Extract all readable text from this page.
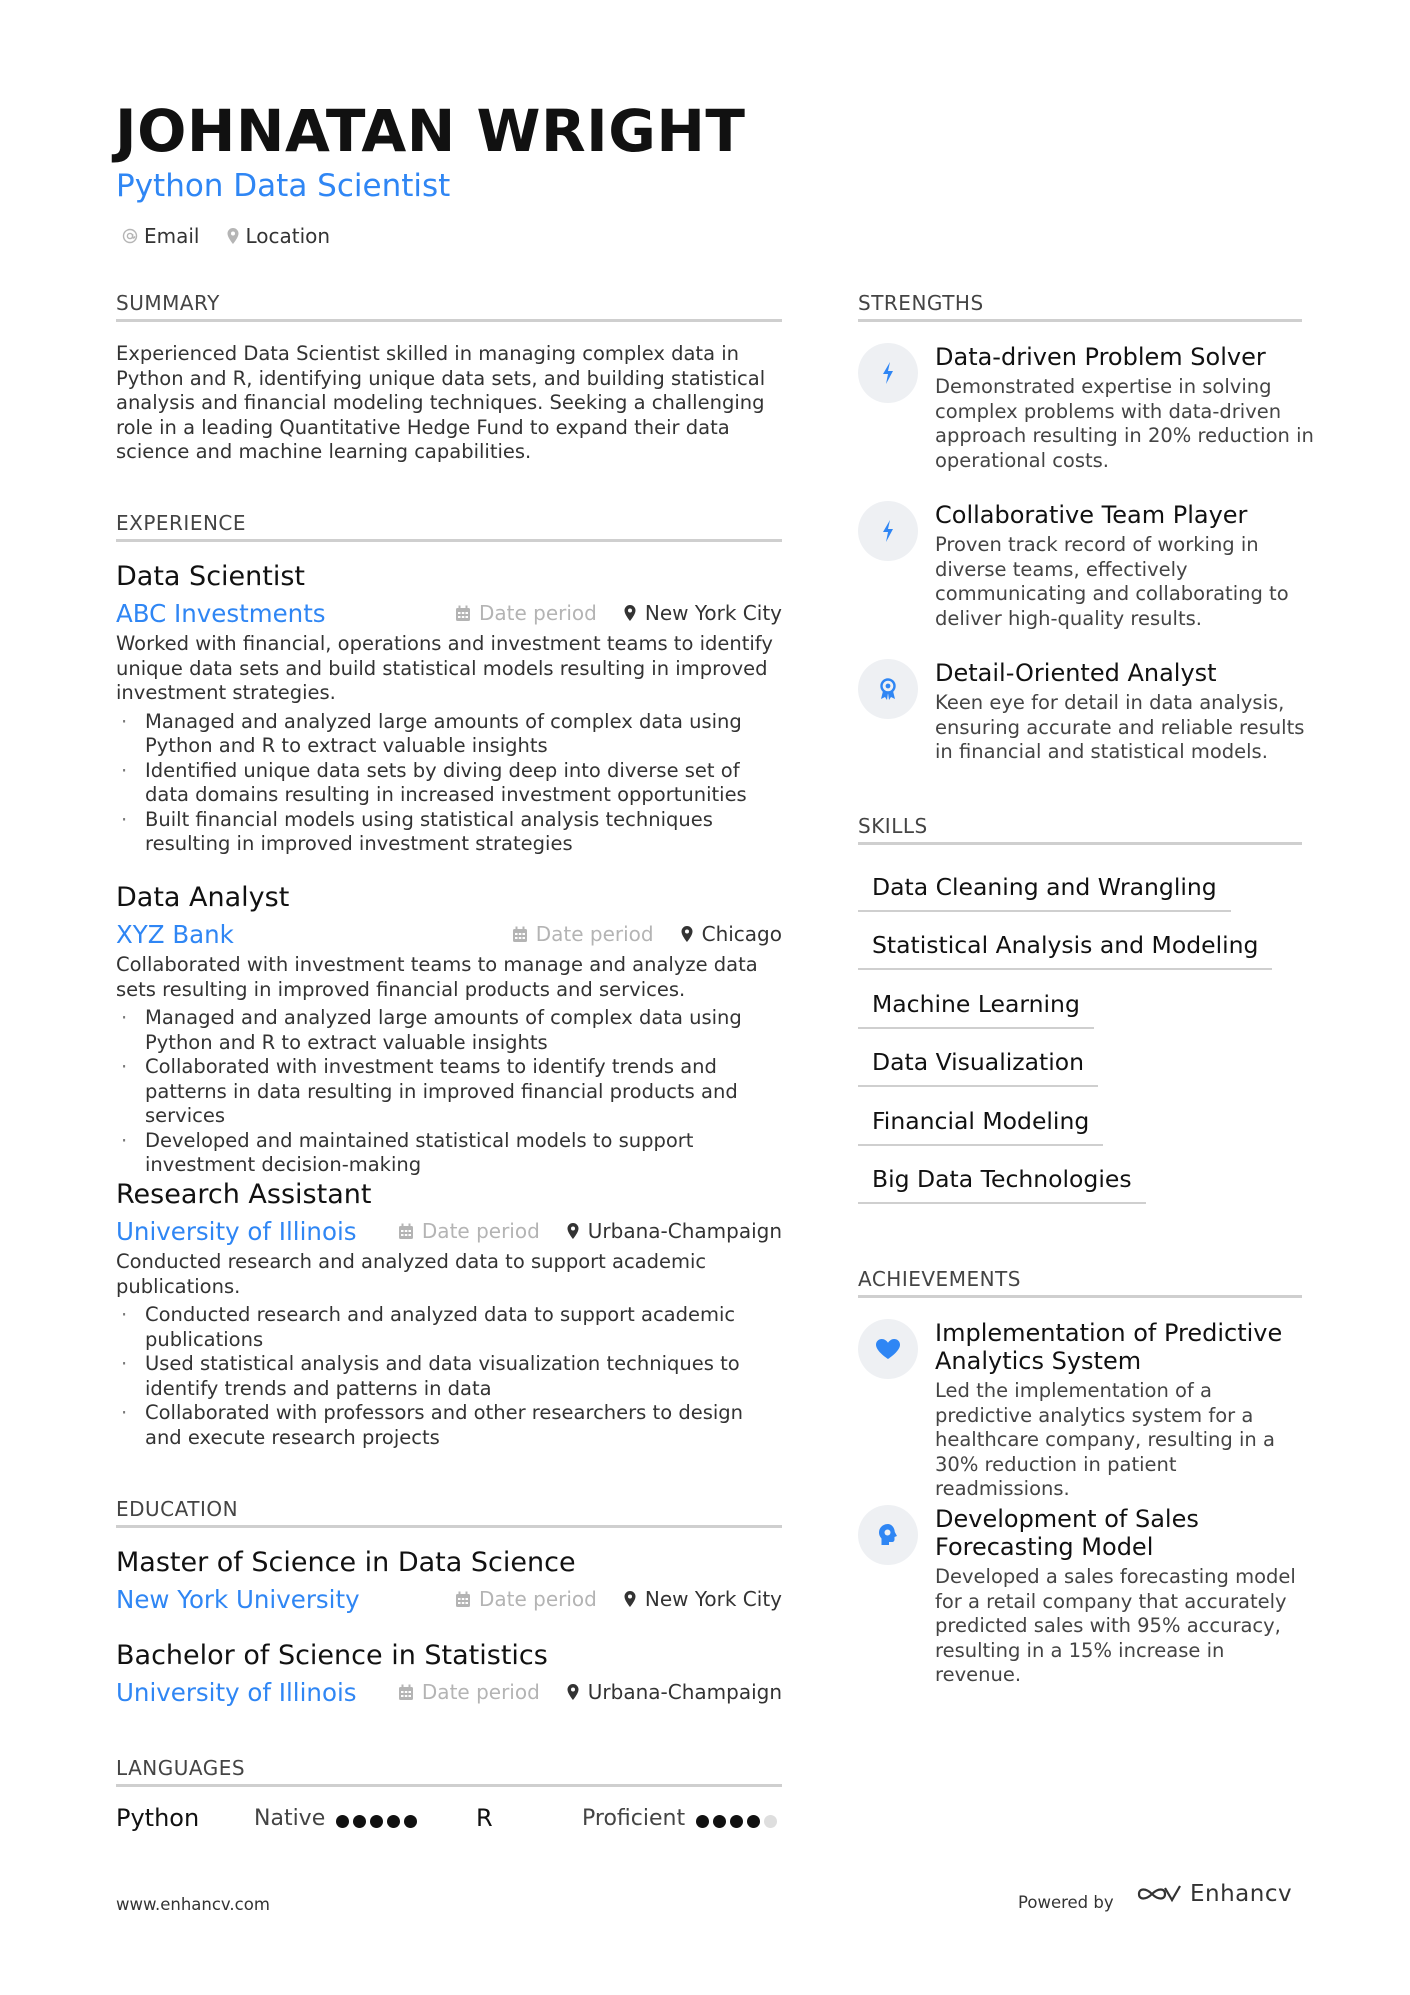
JOHNATAN WRIGHT
Python Data Scientist
Email Location
SUMMARY
Experienced Data Scientist skilled in managing complex data in Python and R, identifying unique data sets, and building statistical analysis and financial modeling techniques. Seeking a challenging role in a leading Quantitative Hedge Fund to expand their data science and machine learning capabilities.
EXPERIENCE
Data Scientist
ABC Investments	Date period New York City
Worked with financial, operations and investment teams to identify unique data sets and build statistical models resulting in improved investment strategies.
· Managed and analyzed large amounts of complex data using Python and R to extract valuable insights
· Identified unique data sets by diving deep into diverse set of data domains resulting in increased investment opportunities
· Built financial models using statistical analysis techniques resulting in improved investment strategies
Data Analyst
XYZ Bank	Date period Chicago
Collaborated with investment teams to manage and analyze data sets resulting in improved financial products and services.
· Managed and analyzed large amounts of complex data using Python and R to extract valuable insights
· Collaborated with investment teams to identify trends and patterns in data resulting in improved financial products and services
· Developed and maintained statistical models to support investment decision-making
Research Assistant
University of Illinois	Date period Urbana-Champaign
Conducted research and analyzed data to support academic publications.
· Conducted research and analyzed data to support academic publications
· Used statistical analysis and data visualization techniques to identify trends and patterns in data
· Collaborated with professors and other researchers to design and execute research projects
EDUCATION
Master of Science in Data Science
New York University	Date period New York City
Bachelor of Science in Statistics
University of Illinois	Date period Urbana-Champaign
LANGUAGES
Python Native	R	Proficient
STRENGTHS
Data-driven Problem Solver
Demonstrated expertise in solving complex problems with data-driven approach resulting in 20% reduction in operational costs.
Collaborative Team Player
Proven track record of working in diverse teams, effectively communicating and collaborating to deliver high-quality results.
Detail-Oriented Analyst
Keen eye for detail in data analysis, ensuring accurate and reliable results in financial and statistical models.
SKILLS
Data Cleaning and Wrangling
Statistical Analysis and Modeling
Machine Learning
Data Visualization
Financial Modeling
Big Data Technologies
ACHIEVEMENTS
Implementation of Predictive Analytics System
Led the implementation of a predictive analytics system for a healthcare company, resulting in a 30% reduction in patient readmissions.
Development of Sales Forecasting Model
Developed a sales forecasting model for a retail company that accurately predicted sales with 95% accuracy, resulting in a 15% increase in revenue.
www.enhancv.com	Powered by	Enhancv
